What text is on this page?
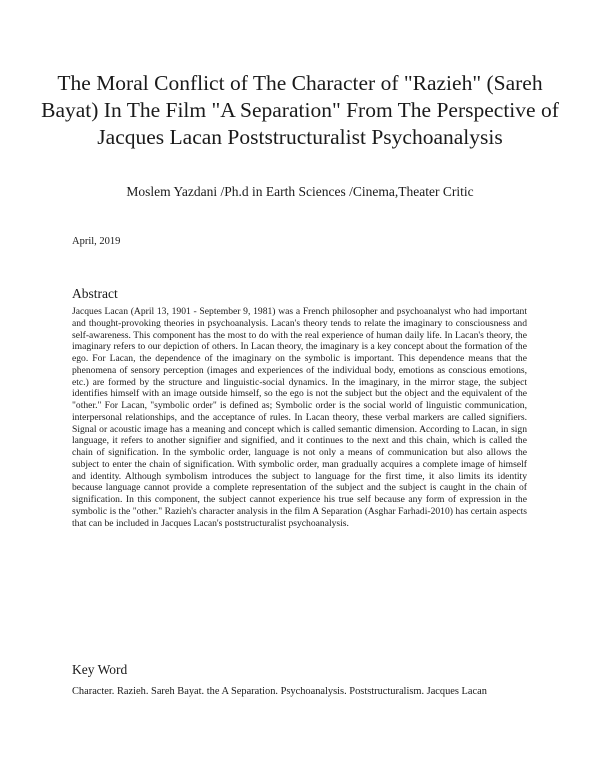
The Moral Conflict of The Character of "Razieh" (Sareh Bayat) In The Film "A Separation" From The Perspective of Jacques Lacan Poststructuralist Psychoanalysis

Moslem Yazdani /Ph.d in Earth Sciences /Cinema,Theater Critic

April, 2019

Abstract

Jacques Lacan (April 13, 1901 - September 9, 1981) was a French philosopher and psychoanalyst who had important and thought-provoking theories in psychoanalysis. Lacan's theory tends to relate the imaginary to consciousness and self-awareness. This component has the most to do with the real experience of human daily life. In Lacan's theory, the imaginary refers to our depiction of others. In Lacan theory, the imaginary is a key concept about the formation of the ego. For Lacan, the dependence of the imaginary on the symbolic is important. This dependence means that the phenomena of sensory perception (images and experiences of the individual body, emotions as conscious emotions, etc.) are formed by the structure and linguistic-social dynamics. In the imaginary, in the mirror stage, the subject identifies himself with an image outside himself, so the ego is not the subject but the object and the equivalent of the "other." For Lacan, "symbolic order" is defined as; Symbolic order is the social world of linguistic communication, interpersonal relationships, and the acceptance of rules. In Lacan theory, these verbal markers are called signifiers. Signal or acoustic image has a meaning and concept which is called semantic dimension. According to Lacan, in sign language, it refers to another signifier and signified, and it continues to the next and this chain, which is called the chain of signification. In the symbolic order, language is not only a means of communication but also allows the subject to enter the chain of signification. With symbolic order, man gradually acquires a complete image of himself and identity. Although symbolism introduces the subject to language for the first time, it also limits its identity because language cannot provide a complete representation of the subject and the subject is caught in the chain of signification. In this component, the subject cannot experience his true self because any form of expression in the symbolic is the "other." Razieh's character analysis in the film A Separation (Asghar Farhadi-2010) has certain aspects that can be included in Jacques Lacan's poststructuralist psychoanalysis.

Key Word

Character. Razieh. Sareh Bayat. the A Separation. Psychoanalysis. Poststructuralism. Jacques Lacan
